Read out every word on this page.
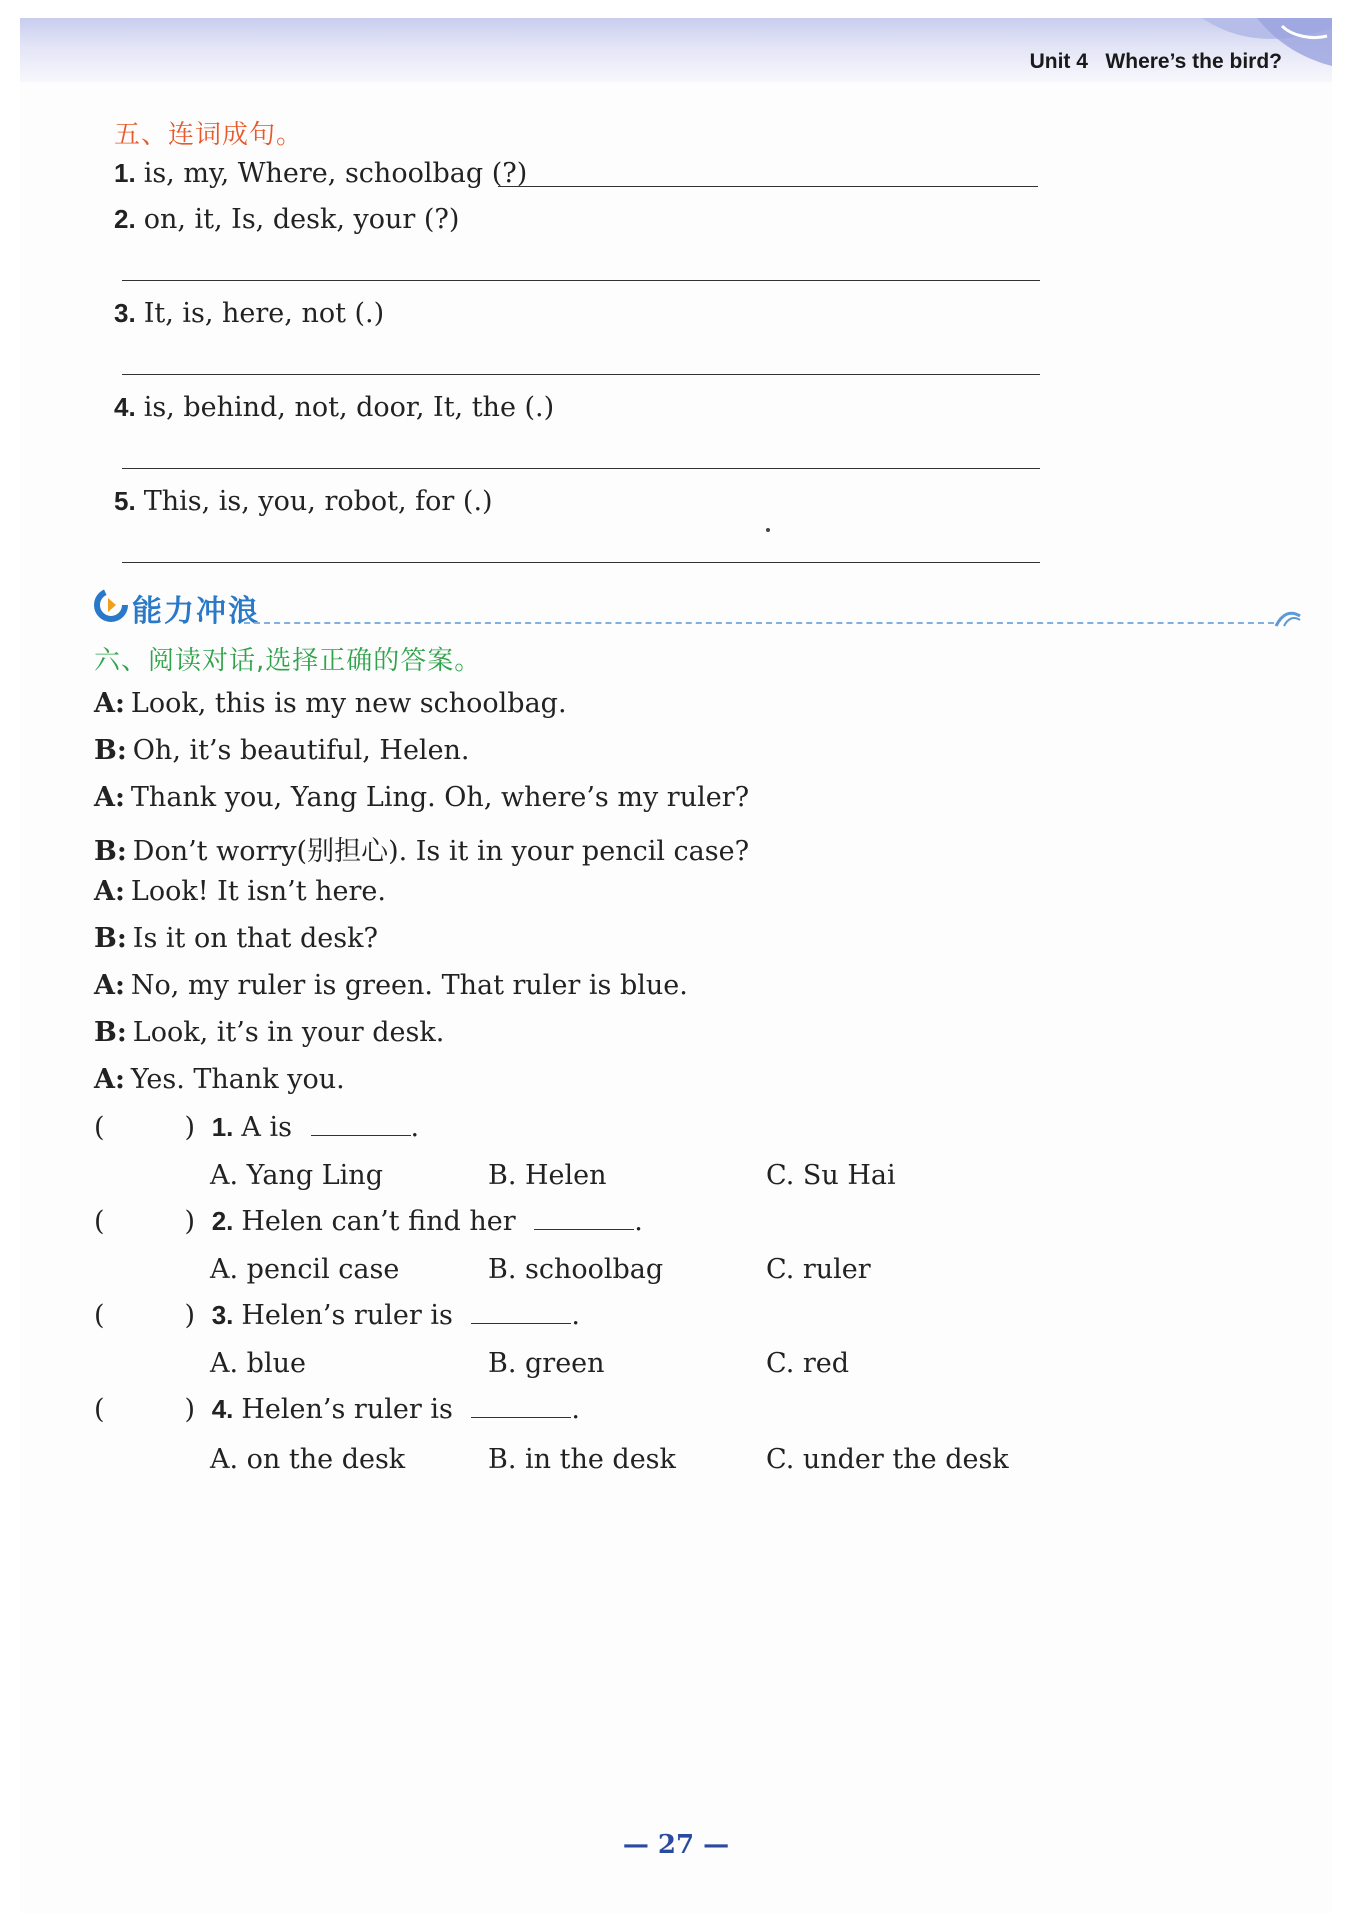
Unit 4   Where’s the bird?
五、连词成句。
1. is, my, Where, schoolbag (?)
2. on, it, Is, desk, your (?)
3. It, is, here, not (.)
4. is, behind, not, door, It, the (.)
5. This, is, you, robot, for (.)
能力冲浪
六、阅读对话,选择正确的答案。
A: Look, this is my new schoolbag.
B: Oh, it’s beautiful, Helen.
A: Thank you, Yang Ling. Oh, where’s my ruler?
B: Don’t worry(别担心). Is it in your pencil case?
A: Look! It isn’t here.
B: Is it on that desk?
A: No, my ruler is green. That ruler is blue.
B: Look, it’s in your desk.
A: Yes. Thank you.
(	) 1. A is	.
A. Yang Ling	B. Helen	C. Su Hai
(	) 2. Helen can’t find her	.
A. pencil case	B. schoolbag	C. ruler
(	) 3. Helen’s ruler is	.
A. blue	B. green	C. red
(	) 4. Helen’s ruler is	.
A. on the desk	B. in the desk	C. under the desk
— 27 —
